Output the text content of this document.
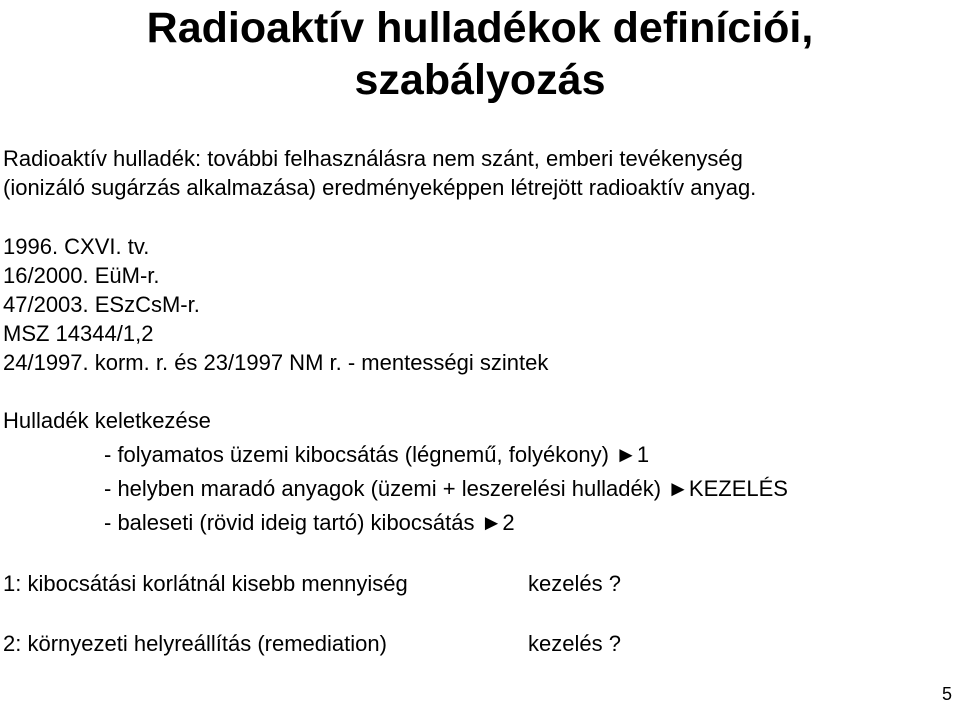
Radioaktív hulladékok definíciói,
szabályozás
Radioaktív hulladék: további felhasználásra nem szánt, emberi tevékenység
(ionizáló sugárzás alkalmazása) eredményeképpen létrejött radioaktív anyag.
1996. CXVI. tv.
16/2000. EüM-r.
47/2003. ESzCsM-r.
MSZ 14344/1,2
24/1997. korm. r. és 23/1997 NM r. - mentességi szintek
Hulladék keletkezése
- folyamatos üzemi kibocsátás (légnemű, folyékony) ►1
- helyben maradó anyagok (üzemi + leszerelési hulladék) ►KEZELÉS
- baleseti (rövid ideig tartó) kibocsátás ►2
1: kibocsátási korlátnál kisebb mennyiség	kezelés ?
2: környezeti helyreállítás (remediation)	kezelés ?
5
